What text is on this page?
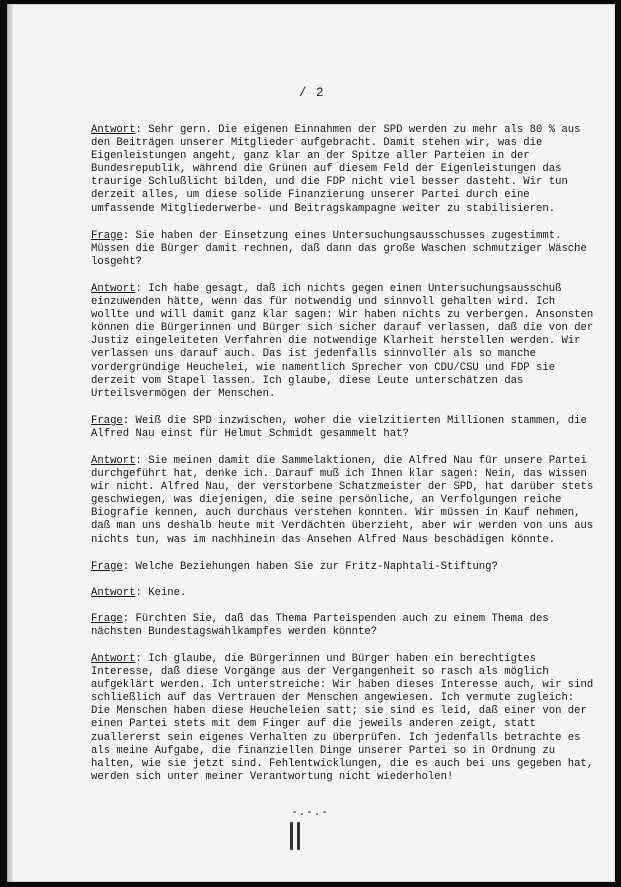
/ 2

Antwort: Sehr gern. Die eigenen Einnahmen der SPD werden zu mehr als 80 % aus den Beiträgen unserer Mitglieder aufgebracht. Damit stehen wir, was die Eigenleistungen angeht, ganz klar an der Spitze aller Parteien in der Bundesrepublik, während die Grünen auf diesem Feld der Eigenleistungen das traurige Schlußlicht bilden, und die FDP nicht viel besser dasteht. Wir tun derzeit alles, um diese solide Finanzierung unserer Partei durch eine umfassende Mitgliederwerbe- und Beitragskampagne weiter zu stabilisieren.

Frage: Sie haben der Einsetzung eines Untersuchungsausschusses zugestimmt. Müssen die Bürger damit rechnen, daß dann das große Waschen schmutziger Wäsche losgeht?

Antwort: Ich habe gesagt, daß ich nichts gegen einen Untersuchungsausschuß einzuwenden hätte, wenn das für notwendig und sinnvoll gehalten wird. Ich wollte und will damit ganz klar sagen: Wir haben nichts zu verbergen. Ansonsten können die Bürgerinnen und Bürger sich sicher darauf verlassen, daß die von der Justiz eingeleiteten Verfahren die notwendige Klarheit herstellen werden. Wir verlassen uns darauf auch. Das ist jedenfalls sinnvoller als so manche vordergründige Heuchelei, wie namentlich Sprecher von CDU/CSU und FDP sie derzeit vom Stapel lassen. Ich glaube, diese Leute unterschätzen das Urteilsvermögen der Menschen.

Frage: Weiß die SPD inzwischen, woher die vielzitierten Millionen stammen, die Alfred Nau einst für Helmut Schmidt gesammelt hat?

Antwort: Sie meinen damit die Sammelaktionen, die Alfred Nau für unsere Partei durchgeführt hat, denke ich. Darauf muß ich Ihnen klar sagen: Nein, das wissen wir nicht. Alfred Nau, der verstorbene Schatzmeister der SPD, hat darüber stets geschwiegen, was diejenigen, die seine persönliche, an Verfolgungen reiche Biografie kennen, auch durchaus verstehen konnten. Wir müssen in Kauf nehmen, daß man uns deshalb heute mit Verdächten überzieht, aber wir werden von uns aus nichts tun, was im nachhinein das Ansehen Alfred Naus beschädigen könnte.

Frage: Welche Beziehungen haben Sie zur Fritz-Naphtali-Stiftung?

Antwort: Keine.

Frage: Fürchten Sie, daß das Thema Parteispenden auch zu einem Thema des nächsten Bundestagswahlkampfes werden könnte?

Antwort: Ich glaube, die Bürgerinnen und Bürger haben ein berechtigtes Interesse, daß diese Vorgänge aus der Vergangenheit so rasch als möglich aufgeklärt werden. Ich unterstreiche: Wir haben dieses Interesse auch, wir sind schließlich auf das Vertrauen der Menschen angewiesen. Ich vermute zugleich: Die Menschen haben diese Heucheleien satt; sie sind es leid, daß einer von der einen Partei stets mit dem Finger auf die jeweils anderen zeigt, statt zuallererst sein eigenes Verhalten zu überprüfen. Ich jedenfalls betrachte es als meine Aufgabe, die finanziellen Dinge unserer Partei so in Ordnung zu halten, wie sie jetzt sind. Fehlentwicklungen, die es auch bei uns gegeben hat, werden sich unter meiner Verantwortung nicht wiederholen!

-.-.-
